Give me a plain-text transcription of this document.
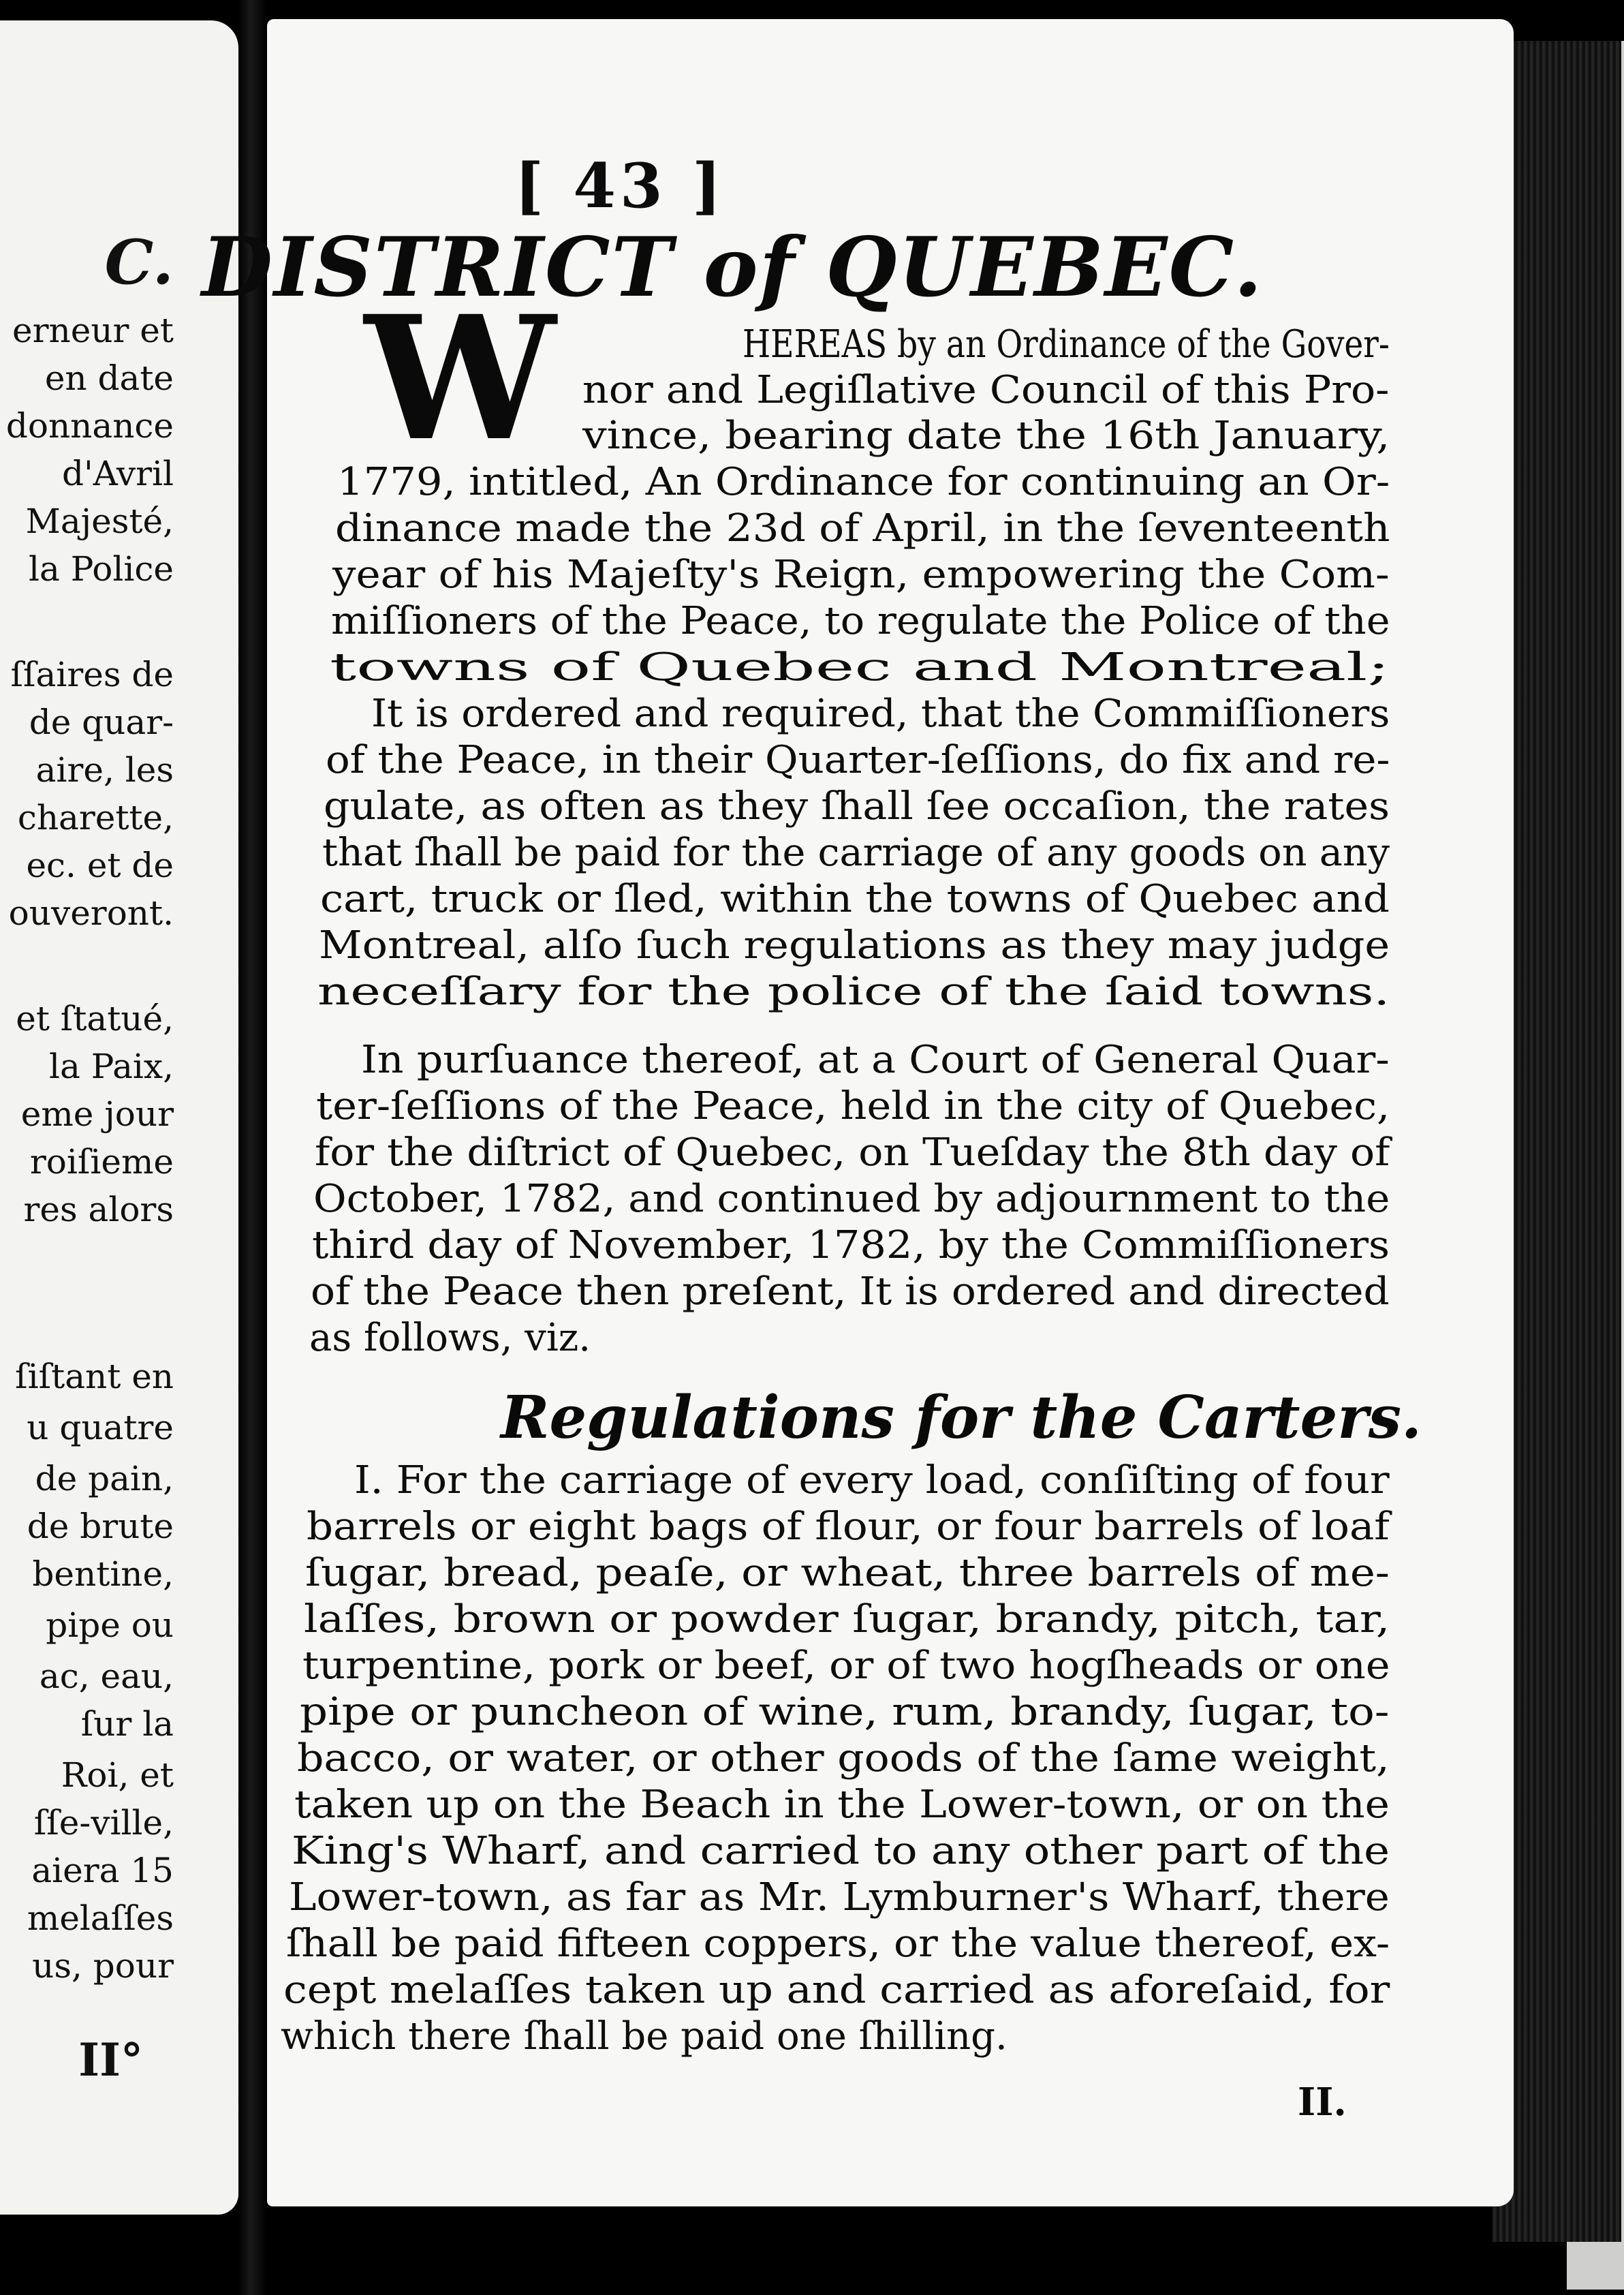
C.
erneur et
en date
donnance
d'Avril
Majesté,
la Police
ſſaires de
de quar-
aire, les
charette,
ec. et de
ouveront.
et ſtatué,
la Paix,
eme jour
roiſieme
res alors
ſiſtant en
u quatre
de pain,
de brute
bentine,
pipe ou
ac, eau,
ſur la
Roi, et
ſſe-ville,
aiera 15
melaſſes
us, pour
II°
[ 43 ]
DISTRICT of QUEBEC.
W	HEREAS by an Ordinance of the Gover-
nor and Legiſlative Council of this Pro-
vince, bearing date the 16th January,
1779, intitled, An Ordinance for continuing an Or-
dinance made the 23d of April, in the ſeventeenth
year of his Majeſty's Reign, empowering the Com-
miſſioners of the Peace, to regulate the Police of the
towns of Quebec and Montreal;
It is ordered and required, that the Commiſſioners
of the Peace, in their Quarter-ſeſſions, do fix and re-
gulate, as often as they ſhall ſee occaſion, the rates
that ſhall be paid for the carriage of any goods on any
cart, truck or ſled, within the towns of Quebec and
Montreal, alſo ſuch regulations as they may judge
neceſſary for the police of the ſaid towns.
In purſuance thereof, at a Court of General Quar-
ter-ſeſſions of the Peace, held in the city of Quebec,
for the diſtrict of Quebec, on Tueſday the 8th day of
October, 1782, and continued by adjournment to the
third day of November, 1782, by the Commiſſioners
of the Peace then preſent, It is ordered and directed
as follows, viz.
Regulations for the Carters.
I. For the carriage of every load, conſiſting of four
barrels or eight bags of flour, or four barrels of loaf
ſugar, bread, peaſe, or wheat, three barrels of me-
laſſes, brown or powder ſugar, brandy, pitch, tar,
turpentine, pork or beef, or of two hogſheads or one
pipe or puncheon of wine, rum, brandy, ſugar, to-
bacco, or water, or other goods of the ſame weight,
taken up on the Beach in the Lower-town, or on the
King's Wharf, and carried to any other part of the
Lower-town, as far as Mr. Lymburner's Wharf, there
ſhall be paid fifteen coppers, or the value thereof, ex-
cept melaſſes taken up and carried as aforeſaid, for
which there ſhall be paid one ſhilling.
II.
